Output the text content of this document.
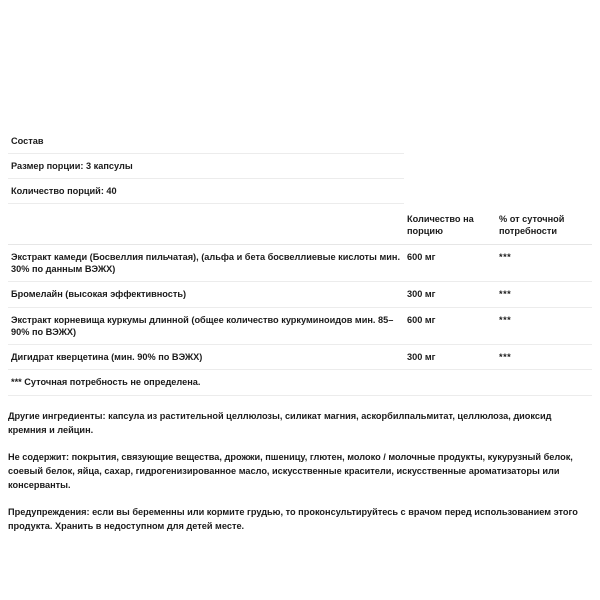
Состав		
Размер порции: 3 капсулы		
Количество порций: 40		
	Количество на порцию	% от суточной потребности
Экстракт камеди (Босвеллия пильчатая), (альфа и бета босвеллиевые кислоты мин. 30% по данным ВЭЖХ)	600 мг	***
Бромелайн (высокая эффективность)	300 мг	***
Экстракт корневища куркумы длинной (общее количество куркуминоидов мин. 85–90% по ВЭЖХ)	600 мг	***
Дигидрат кверцетина (мин. 90% по ВЭЖХ)	300 мг	***
*** Суточная потребность не определена.		

Другие ингредиенты: капсула из растительной целлюлозы, силикат магния, аскорбилпальмитат, целлюлоза, диоксид кремния и лейцин.

Не содержит: покрытия, связующие вещества, дрожжи, пшеницу, глютен, молоко / молочные продукты, кукурузный белок, соевый белок, яйца, сахар, гидрогенизированное масло, искусственные красители, искусственные ароматизаторы или консерванты.

Предупреждения: если вы беременны или кормите грудью, то проконсультируйтесь с врачом перед использованием этого продукта. Хранить в недоступном для детей месте.
